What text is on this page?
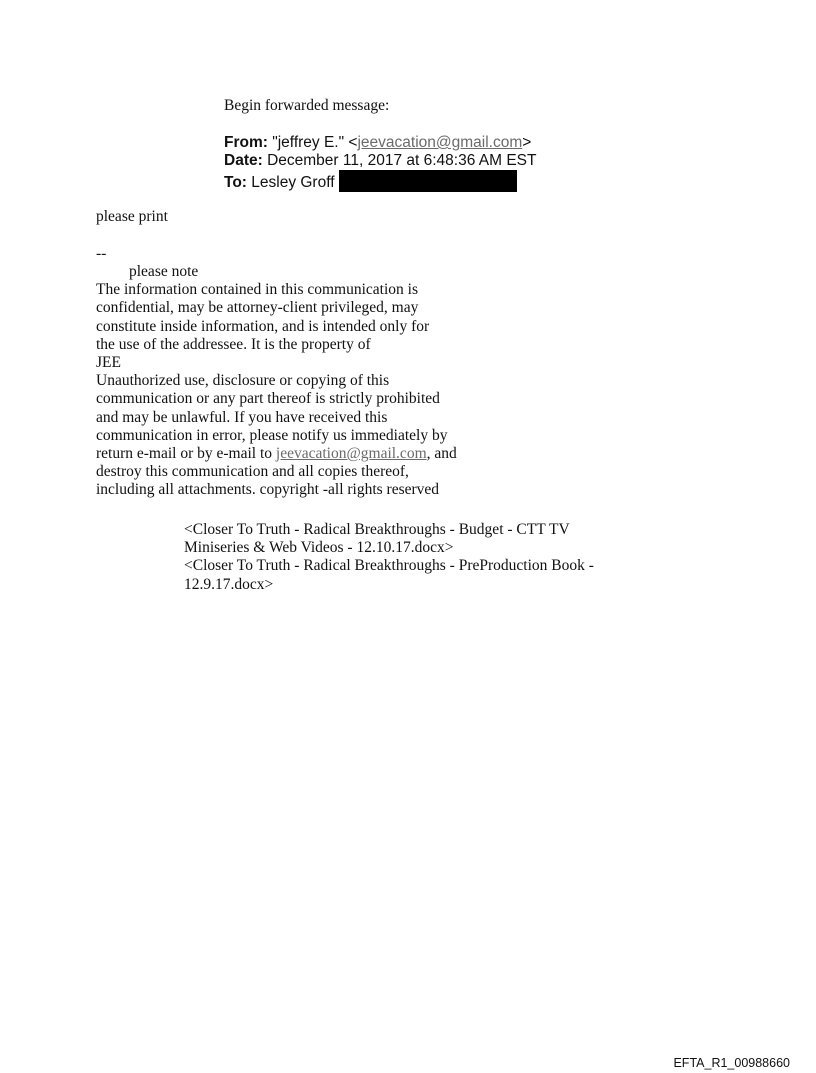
Begin forwarded message:
From: "jeffrey E." <jeevacation@gmail.com>
Date: December 11, 2017 at 6:48:36 AM EST
To: Lesley Groff
please print
--
please note
The information contained in this communication is
confidential, may be attorney-client privileged, may
constitute inside information, and is intended only for
the use of the addressee. It is the property of
JEE
Unauthorized use, disclosure or copying of this
communication or any part thereof is strictly prohibited
and may be unlawful. If you have received this
communication in error, please notify us immediately by
return e-mail or by e-mail to jeevacation@gmail.com, and
destroy this communication and all copies thereof,
including all attachments. copyright -all rights reserved
<Closer To Truth - Radical Breakthroughs - Budget - CTT TV
Miniseries & Web Videos - 12.10.17.docx>
<Closer To Truth - Radical Breakthroughs - PreProduction Book -
12.9.17.docx>
EFTA_R1_00988660
